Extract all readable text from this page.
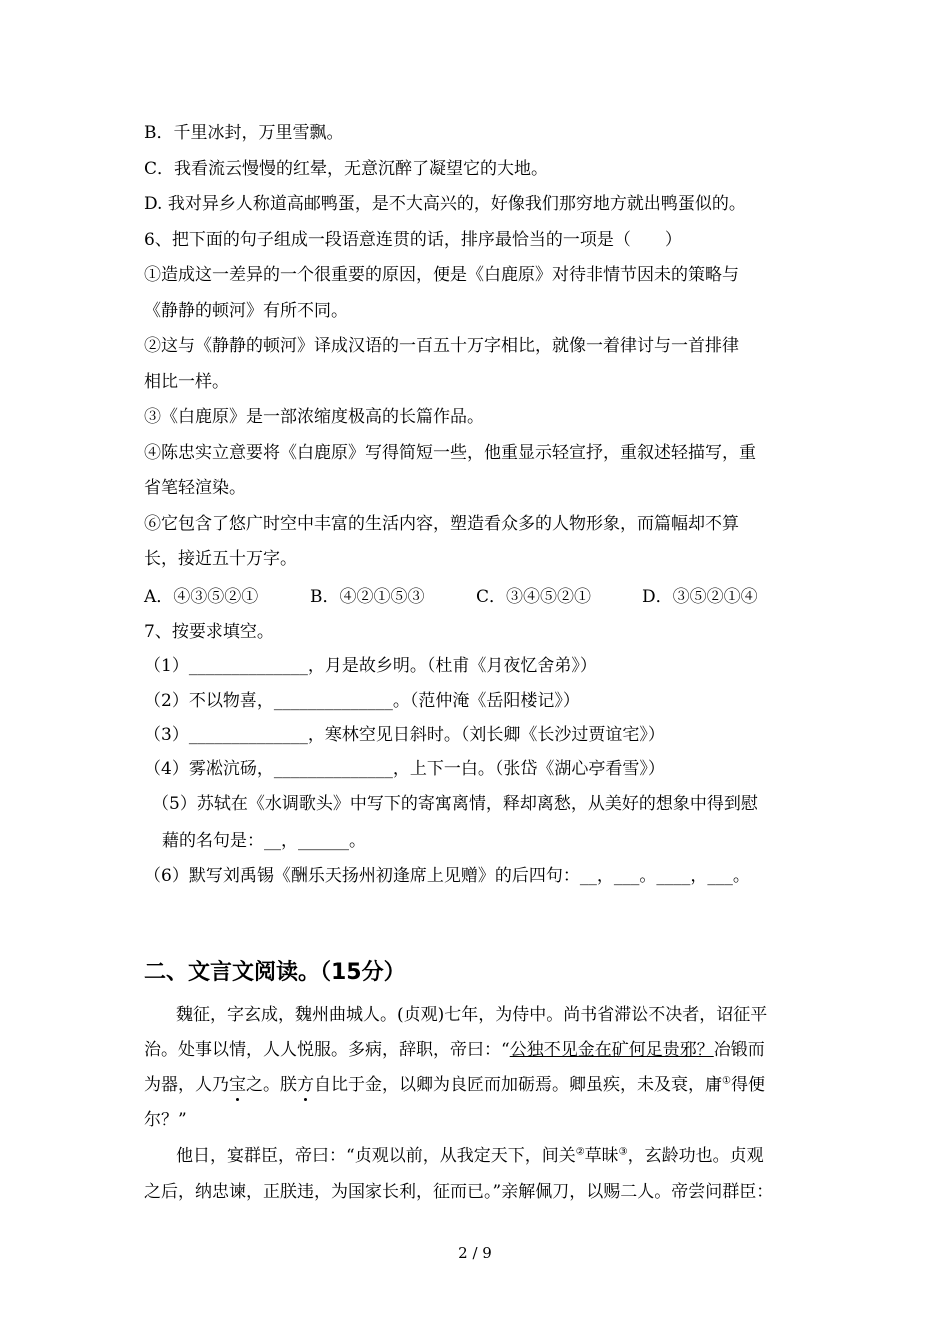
B．千里冰封，万里雪飘。
C．我看流云慢慢的红晕，无意沉醉了凝望它的大地。
D. 我对异乡人称道高邮鸭蛋，是不大高兴的，好像我们那穷地方就出鸭蛋似的。
6、把下面的句子组成一段语意连贯的话，排序最恰当的一项是（　　）
①造成这一差异的一个很重要的原因，便是《白鹿原》对待非情节因未的策略与
《静静的顿河》有所不同。
②这与《静静的顿河》译成汉语的一百五十万字相比，就像一着律讨与一首排律
相比一样。
③《白鹿原》是一部浓缩度极高的长篇作品。
④陈忠实立意要将《白鹿原》写得简短一些，他重显示轻宣抒，重叙述轻描写，重
省笔轻渲染。
⑥它包含了悠广时空中丰富的生活内容，塑造看众多的人物形象，而篇幅却不算
长，接近五十万字。
A．④③⑤②①	B．④②①⑤③	C．③④⑤②①	D．③⑤②①④
7、按要求填空。
（1）______________，月是故乡明。（杜甫《月夜忆舍弟》）
（2）不以物喜，______________。（范仲淹《岳阳楼记》）
（3）______________，寒林空见日斜时。（刘长卿《长沙过贾谊宅》）
（4）雾凇沆砀，______________，上下一白。（张岱《湖心亭看雪》）
（5）苏轼在《水调歌头》中写下的寄寓离情，释却离愁，从美好的想象中得到慰
藉的名句是：__，______。
（6）默写刘禹锡《酬乐天扬州初逢席上见赠》的后四句：__，___。____，___。
二、文言文阅读。（15分）
魏征，字玄成，魏州曲城人。(贞观)七年，为侍中。尚书省滞讼不决者，诏征平
治。处事以情，人人悦服。多病，辞职，帝曰：“公独不见金在矿何足贵邪？冶锻而
为器，人乃宝之。朕方自比于金，以卿为良匠而加砺焉。卿虽疾，未及衰，庸①得便
尔？”
他日，宴群臣，帝曰：“贞观以前，从我定天下，间关②草昧③，玄龄功也。贞观
之后，纳忠谏，正朕违，为国家长利，征而已。”亲解佩刀，以赐二人。帝尝问群臣：
2 / 9
